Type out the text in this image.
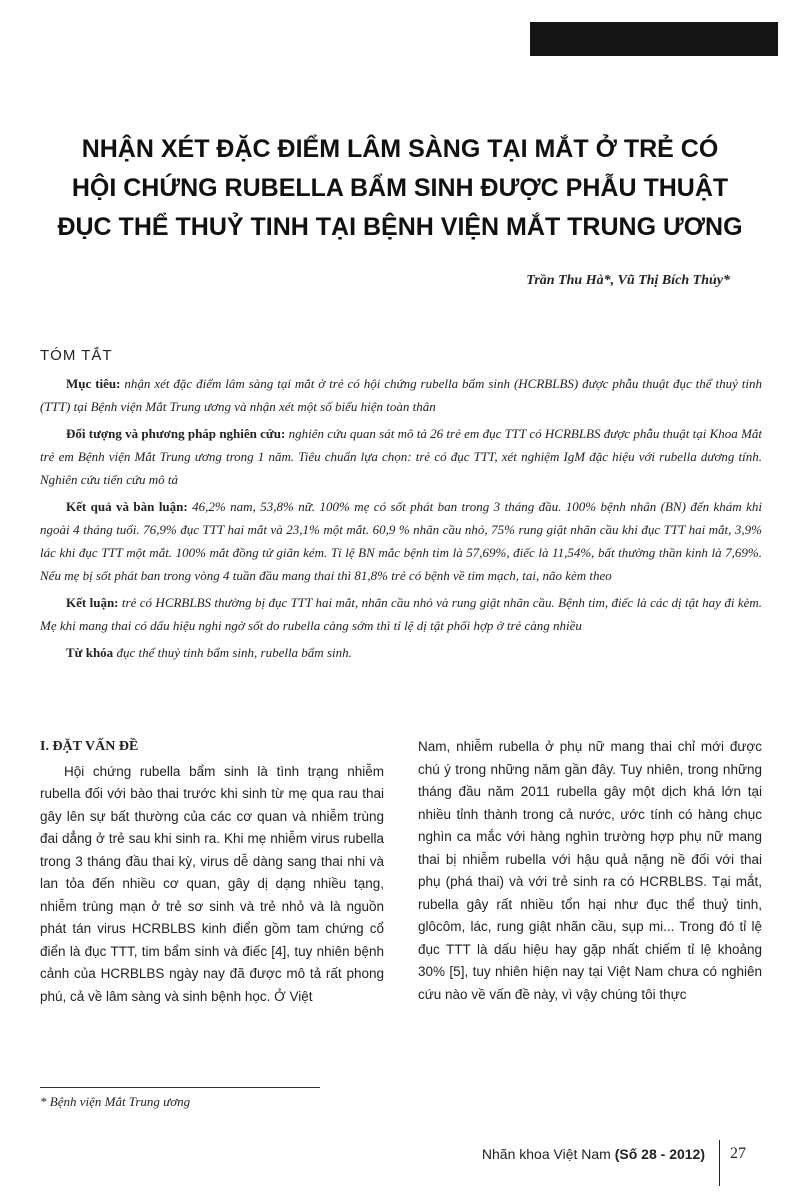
NHẬN XÉT ĐẶC ĐIỂM LÂM SÀNG TẠI MẮT Ở TRẺ CÓ
HỘI CHỨNG RUBELLA BẨM SINH ĐƯỢC PHẪU THUẬT
ĐỤC THỂ THUỶ TINH TẠI BỆNH VIỆN MẮT TRUNG ƯƠNG
Trần Thu Hà*, Vũ Thị Bích Thủy*
TÓM TẮT

Mục tiêu: nhận xét đặc điểm lâm sàng tại mắt ở trẻ có hội chứng rubella bẩm sinh (HCRBLBS) được phẫu thuật đục thể thuỷ tinh (TTT) tại Bệnh viện Mắt Trung ương và nhận xét một số biểu hiện toàn thân

Đối tượng và phương pháp nghiên cứu: nghiên cứu quan sát mô tả 26 trẻ em đục TTT có HCRBLBS được phẫu thuật tại Khoa Mắt trẻ em Bệnh viện Mắt Trung ương trong 1 năm. Tiêu chuẩn lựa chọn: trẻ có đục TTT, xét nghiệm IgM đặc hiệu với rubella dương tính. Nghiên cứu tiến cứu mô tả

Kết quả và bàn luận: 46,2% nam, 53,8% nữ. 100% mẹ có sốt phát ban trong 3 tháng đầu. 100% bệnh nhân (BN) đến khám khi ngoài 4 tháng tuổi. 76,9% đục TTT hai mắt và 23,1% một mắt. 60,9 % nhãn cầu nhỏ, 75% rung giật nhãn cầu khi đục TTT hai mắt, 3,9% lác khi đục TTT một mắt. 100% mắt đồng tử giãn kém. Tỉ lệ BN mắc bệnh tim là 57,69%, điếc là 11,54%, bất thường thần kinh là 7,69%. Nếu mẹ bị sốt phát ban trong vòng 4 tuần đầu mang thai thì 81,8% trẻ có bệnh về tim mạch, tai, não kèm theo

Kết luận: trẻ có HCRBLBS thường bị đục TTT hai mắt, nhãn cầu nhỏ và rung giật nhãn cầu. Bệnh tim, điếc là các dị tật hay đi kèm. Mẹ khi mang thai có dấu hiệu nghi ngờ sốt do rubella càng sớm thì tỉ lệ dị tật phối hợp ở trẻ càng nhiều

Từ khóa đục thể thuỷ tinh bẩm sinh, rubella bẩm sinh.

I. ĐẶT VẤN ĐỀ

Hội chứng rubella bẩm sinh là tình trạng nhiễm rubella đối với bào thai trước khi sinh từ mẹ qua rau thai gây lên sự bất thường của các cơ quan và nhiễm trùng đai dẳng ở trẻ sau khi sinh ra. Khi mẹ nhiễm virus rubella trong 3 tháng đầu thai kỳ, virus dễ dàng sang thai nhi và lan tỏa đến nhiều cơ quan, gây dị dạng nhiều tạng, nhiễm trùng mạn ở trẻ sơ sinh và trẻ nhỏ và là nguồn phát tán virus HCRBLBS kinh điển gồm tam chứng cổ điển là đục TTT, tim bẩm sinh và điếc [4], tuy nhiên bệnh cảnh của HCRBLBS ngày nay đã được mô tả rất phong phú, cả về lâm sàng và sinh bệnh học. Ở Việt

Nam, nhiễm rubella ở phụ nữ mang thai chỉ mới được chú ý trong những năm gần đây. Tuy nhiên, trong những tháng đầu năm 2011 rubella gây một dịch khá lớn tại nhiều tỉnh thành trong cả nước, ước tính có hàng chục nghìn ca mắc với hàng nghìn trường hợp phụ nữ mang thai bị nhiễm rubella với hậu quả nặng nề đối với thai phụ (phá thai) và với trẻ sinh ra có HCRBLBS. Tại mắt, rubella gây rất nhiều tổn hại như đục thể thuỷ tinh, glôcôm, lác, rung giật nhãn cầu, sụp mi... Trong đó tỉ lệ đục TTT là dấu hiệu hay gặp nhất chiếm tỉ lệ khoảng 30% [5], tuy nhiên hiện nay tại Việt Nam chưa có nghiên cứu nào về vấn đề này, vì vậy chúng tôi thực

* Bệnh viện Mắt Trung ương
Nhãn khoa Việt Nam (Số 28 - 2012) 27
